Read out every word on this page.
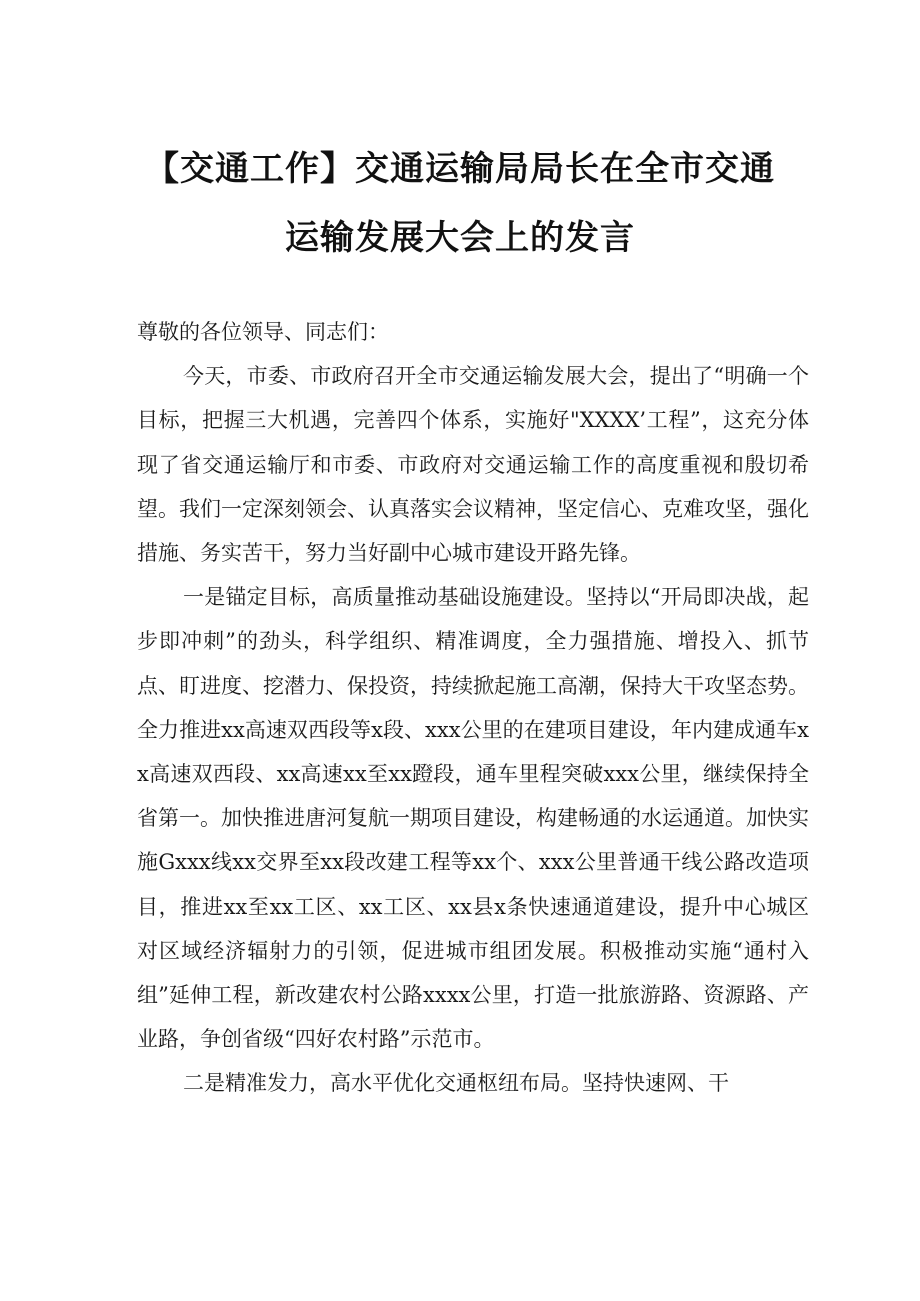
【交通工作】交通运输局局长在全市交通
运输发展大会上的发言

尊敬的各位领导、同志们：

今天，市委、市政府召开全市交通运输发展大会，提出了“明确一个目标，把握三大机遇，完善四个体系，实施好"XXXX’工程”，这充分体现了省交通运输厅和市委、市政府对交通运输工作的高度重视和殷切希望。我们一定深刻领会、认真落实会议精神，坚定信心、克难攻坚，强化措施、务实苦干，努力当好副中心城市建设开路先锋。

一是锚定目标，高质量推动基础设施建设。坚持以“开局即决战，起步即冲刺”的劲头，科学组织、精准调度，全力强措施、增投入、抓节点、盯进度、挖潜力、保投资，持续掀起施工高潮，保持大干攻坚态势。全力推进xx高速双西段等x段、xxx公里的在建项目建设，年内建成通车xx高速双西段、xx高速xx至xx蹬段，通车里程突破xxx公里，继续保持全省第一。加快推进唐河复航一期项目建设，构建畅通的水运通道。加快实施Gxxx线xx交界至xx段改建工程等xx个、xxx公里普通干线公路改造项目，推进xx至xx工区、xx工区、xx县x条快速通道建设，提升中心城区对区域经济辐射力的引领，促进城市组团发展。积极推动实施“通村入组”延伸工程，新改建农村公路xxxx公里，打造一批旅游路、资源路、产业路，争创省级“四好农村路”示范市。

二是精准发力，高水平优化交通枢纽布局。坚持快速网、干
